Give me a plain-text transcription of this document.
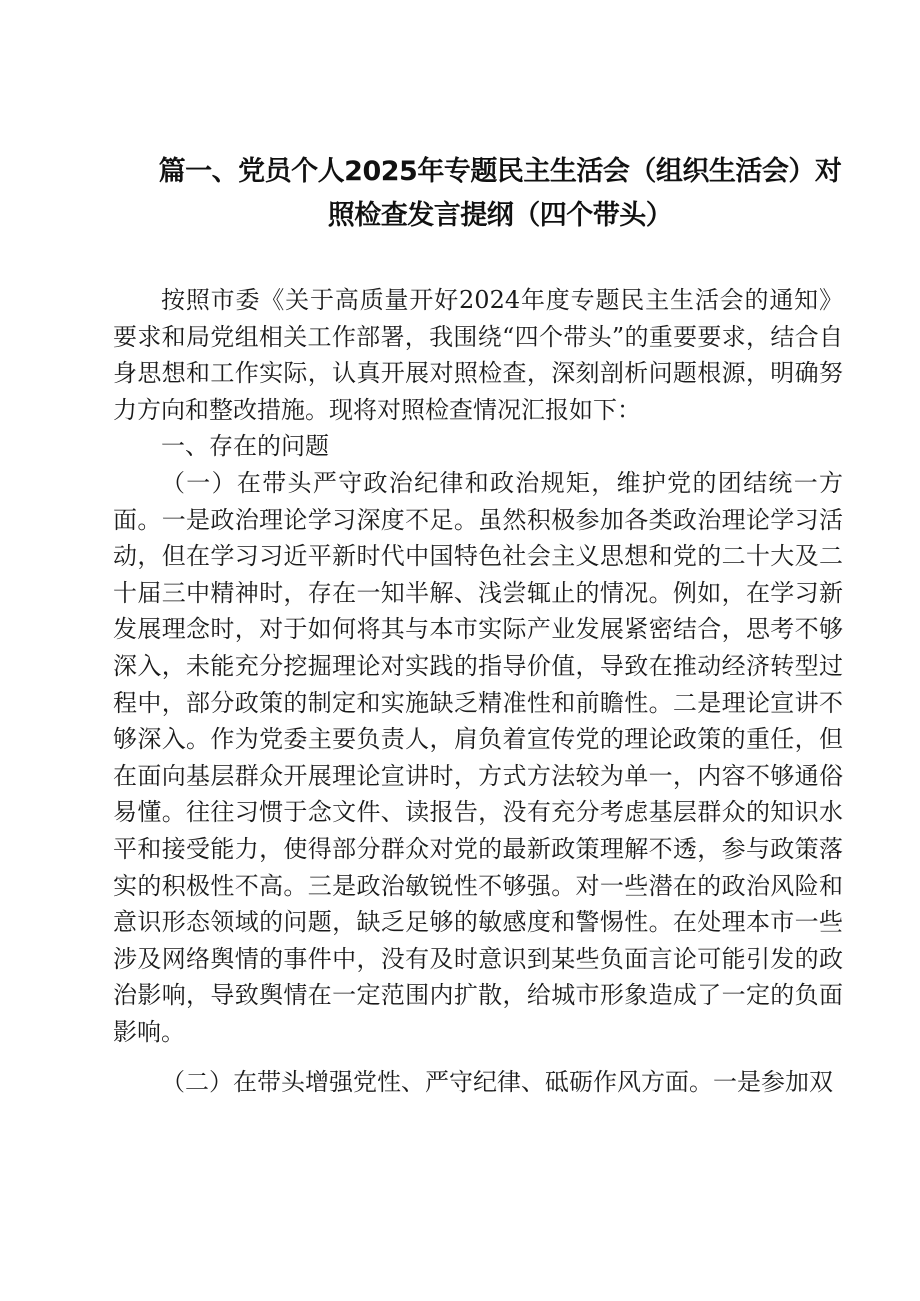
篇一、党员个人2025年专题民主生活会（组织生活会）对照检查发言提纲（四个带头）

按照市委《关于高质量开好2024年度专题民主生活会的通知》要求和局党组相关工作部署，我围绕“四个带头”的重要要求，结合自身思想和工作实际，认真开展对照检查，深刻剖析问题根源，明确努力方向和整改措施。现将对照检查情况汇报如下：

一、存在的问题

（一）在带头严守政治纪律和政治规矩，维护党的团结统一方面。一是政治理论学习深度不足。虽然积极参加各类政治理论学习活动，但在学习习近平新时代中国特色社会主义思想和党的二十大及二十届三中精神时，存在一知半解、浅尝辄止的情况。例如，在学习新发展理念时，对于如何将其与本市实际产业发展紧密结合，思考不够深入，未能充分挖掘理论对实践的指导价值，导致在推动经济转型过程中，部分政策的制定和实施缺乏精准性和前瞻性。二是理论宣讲不够深入。作为党委主要负责人，肩负着宣传党的理论政策的重任，但在面向基层群众开展理论宣讲时，方式方法较为单一，内容不够通俗易懂。往往习惯于念文件、读报告，没有充分考虑基层群众的知识水平和接受能力，使得部分群众对党的最新政策理解不透，参与政策落实的积极性不高。三是政治敏锐性不够强。对一些潜在的政治风险和意识形态领域的问题，缺乏足够的敏感度和警惕性。在处理本市一些涉及网络舆情的事件中，没有及时意识到某些负面言论可能引发的政治影响，导致舆情在一定范围内扩散，给城市形象造成了一定的负面影响。

（二）在带头增强党性、严守纪律、砥砺作风方面。一是参加双
